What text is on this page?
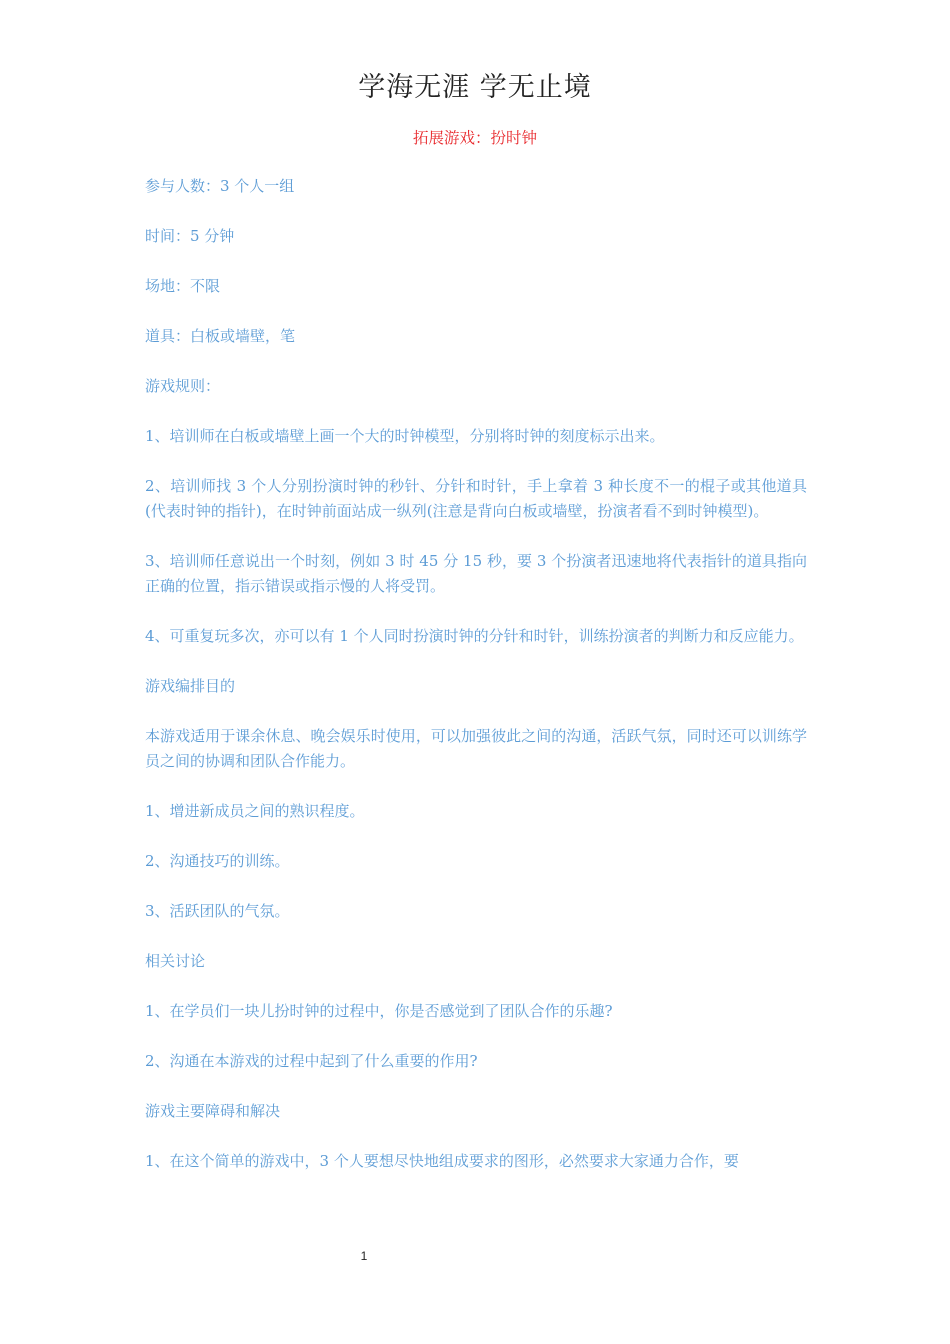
学海无涯 学无止境
拓展游戏：扮时钟

参与人数：3 个人一组

时间：5 分钟

场地：不限

道具：白板或墙壁，笔

游戏规则：

1、培训师在白板或墙壁上画一个大的时钟模型，分别将时钟的刻度标示出来。

2、培训师找 3 个人分别扮演时钟的秒针、分针和时针，手上拿着 3 种长度不一的棍子或其他道具(代表时钟的指针)，在时钟前面站成一纵列(注意是背向白板或墙壁，扮演者看不到时钟模型)。

3、培训师任意说出一个时刻，例如 3 时 45 分 15 秒，要 3 个扮演者迅速地将代表指针的道具指向正确的位置，指示错误或指示慢的人将受罚。

4、可重复玩多次，亦可以有 1 个人同时扮演时钟的分针和时针，训练扮演者的判断力和反应能力。

游戏编排目的

本游戏适用于课余休息、晚会娱乐时使用，可以加强彼此之间的沟通，活跃气氛，同时还可以训练学员之间的协调和团队合作能力。

1、增进新成员之间的熟识程度。

2、沟通技巧的训练。

3、活跃团队的气氛。

相关讨论

1、在学员们一块儿扮时钟的过程中，你是否感觉到了团队合作的乐趣?

2、沟通在本游戏的过程中起到了什么重要的作用?

游戏主要障碍和解决

1、在这个简单的游戏中，3 个人要想尽快地组成要求的图形，必然要求大家通力合作，要

1
